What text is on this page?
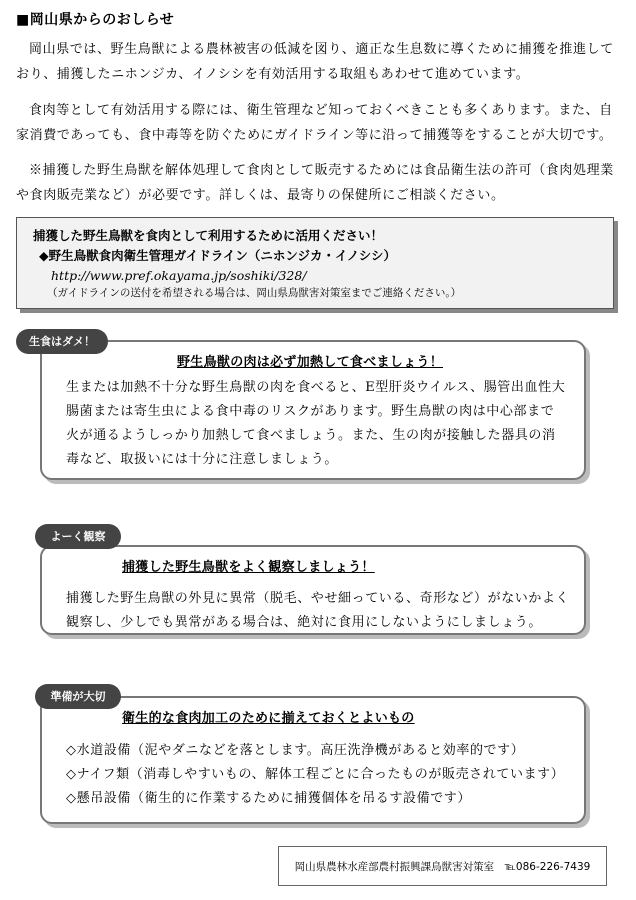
■岡山県からのおしらせ
岡山県では、野生鳥獣による農林被害の低減を図り、適正な生息数に導くために捕獲を推進しており、捕獲したニホンジカ、イノシシを有効活用する取組もあわせて進めています。
食肉等として有効活用する際には、衛生管理など知っておくべきことも多くあります。また、自家消費であっても、食中毒等を防ぐためにガイドライン等に沿って捕獲等をすることが大切です。
※捕獲した野生鳥獣を解体処理して食肉として販売するためには食品衛生法の許可（食肉処理業や食肉販売業など）が必要です。詳しくは、最寄りの保健所にご相談ください。
捕獲した野生鳥獣を食肉として利用するために活用ください！
◆野生鳥獣食肉衛生管理ガイドライン（ニホンジカ・イノシシ）
http://www.pref.okayama.jp/soshiki/328/
（ガイドラインの送付を希望される場合は、岡山県鳥獣害対策室までご連絡ください。）
野生鳥獣の肉は必ず加熱して食べましょう！
生または加熱不十分な野生鳥獣の肉を食べると、E型肝炎ウイルス、腸管出血性大
腸菌または寄生虫による食中毒のリスクがあります。野生鳥獣の肉は中心部まで
火が通るようしっかり加熱して食べましょう。また、生の肉が接触した器具の消
毒など、取扱いには十分に注意しましょう。
生食はダメ！
捕獲した野生鳥獣をよく観察しましょう！
捕獲した野生鳥獣の外見に異常（脱毛、やせ細っている、奇形など）がないかよく
観察し、少しでも異常がある場合は、絶対に食用にしないようにしましょう。
よーく観察
衛生的な食肉加工のために揃えておくとよいもの
◇水道設備（泥やダニなどを落とします。高圧洗浄機があると効率的です）
◇ナイフ類（消毒しやすいもの、解体工程ごとに合ったものが販売されています）
◇懸吊設備（衛生的に作業するために捕獲個体を吊るす設備です）
準備が大切
岡山県農林水産部農村振興課鳥獣害対策室　℡086-226-7439
